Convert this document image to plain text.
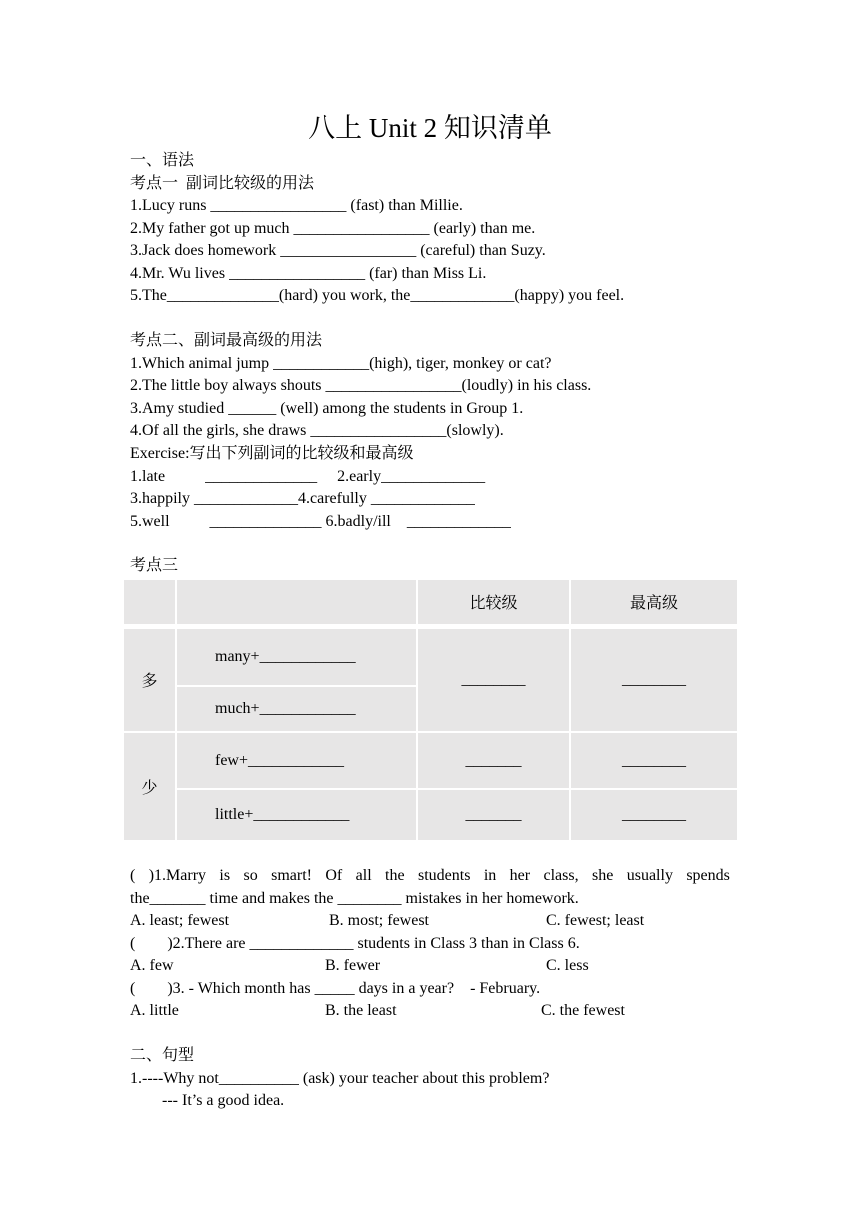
八上 Unit 2 知识清单
一、语法
考点一  副词比较级的用法
1.Lucy runs _________________ (fast) than Millie.
2.My father got up much _________________ (early) than me.
3.Jack does homework _________________ (careful) than Suzy.
4.Mr. Wu lives _________________ (far) than Miss Li.
5.The______________(hard) you work, the_____________(happy) you feel.
考点二、副词最高级的用法
1.Which animal jump ____________(high), tiger, monkey or cat?
2.The little boy always shouts _________________(loudly) in his class.
3.Amy studied ______ (well) among the students in Group 1.
4.Of all the girls, she draws _________________(slowly).
Exercise:写出下列副词的比较级和最高级
1.late          ______________     2.early_____________
3.happily _____________4.carefully _____________
5.well          ______________ 6.badly/ill    _____________
考点三
		比较级	最高级
多	many+____________	________	________
	much+____________		
少	few+____________	_______	________
	little+____________	_______	________
( )1.Marry is so smart! Of all the students in her class, she usually spends
the_______ time and makes the ________ mistakes in her homework.
A. least; fewest	B. most; fewest	C. fewest; least
(        )2.There are _____________ students in Class 3 than in Class 6.
A. few	B. fewer	C. less
(        )3. - Which month has _____ days in a year?    - February.
A. little	B. the least	C. the fewest
二、句型
1.----Why not__________ (ask) your teacher about this problem?
--- It’s a good idea.
